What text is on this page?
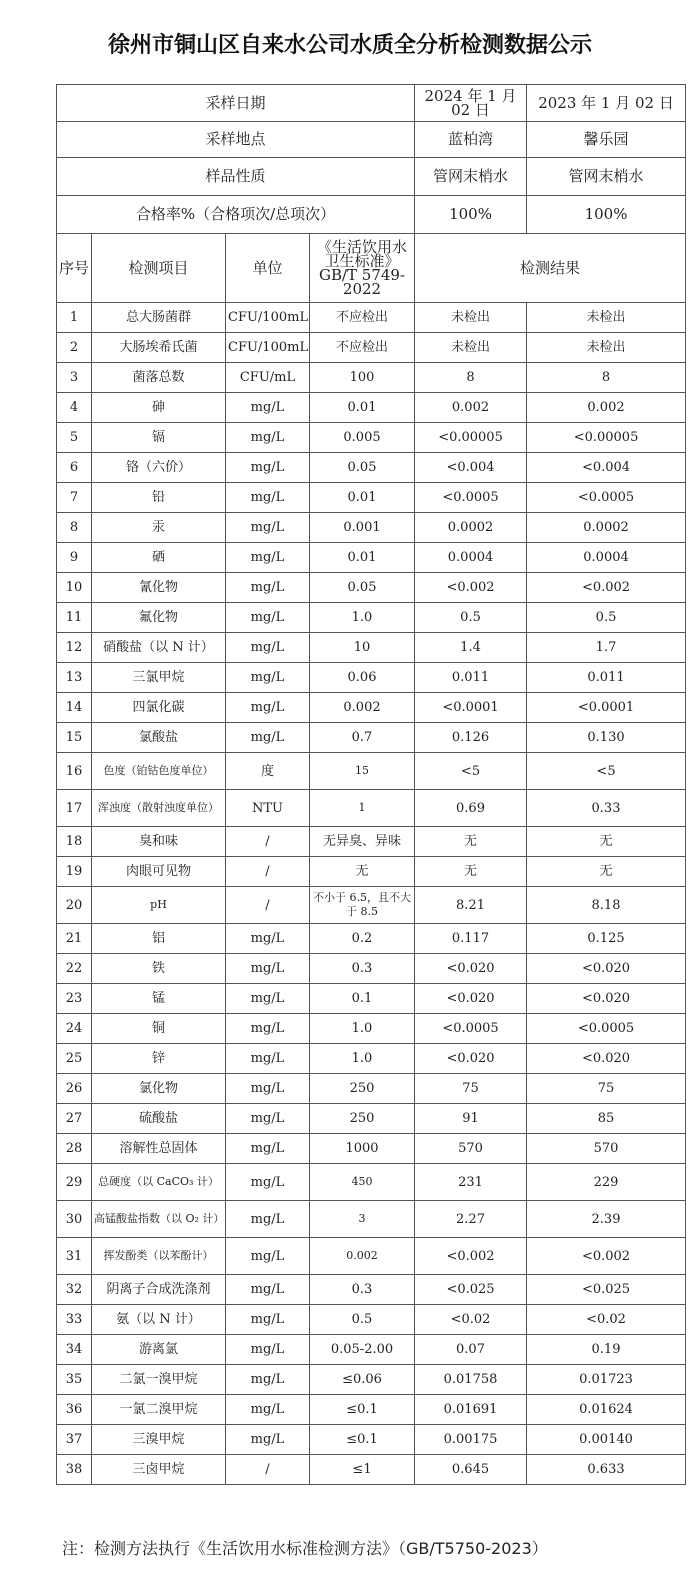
徐州市铜山区自来水公司水质全分析检测数据公示
采样日期				2024 年 1 月 02 日	2023 年 1 月 02 日
采样地点				蓝柏湾	馨乐园
样品性质				管网末梢水	管网末梢水
合格率%（合格项次/总项次）				100%	100%
序号	检测项目	单位	《生活饮用水卫生标准》GB/T 5749-2022	检测结果	
1	总大肠菌群	CFU/100mL	不应检出	未检出	未检出
2	大肠埃希氏菌	CFU/100mL	不应检出	未检出	未检出
3	菌落总数	CFU/mL	100	8	8
4	砷	mg/L	0.01	0.002	0.002
5	镉	mg/L	0.005	<0.00005	<0.00005
6	铬（六价）	mg/L	0.05	<0.004	<0.004
7	铅	mg/L	0.01	<0.0005	<0.0005
8	汞	mg/L	0.001	0.0002	0.0002
9	硒	mg/L	0.01	0.0004	0.0004
10	氰化物	mg/L	0.05	<0.002	<0.002
11	氟化物	mg/L	1.0	0.5	0.5
12	硝酸盐（以 N 计）	mg/L	10	1.4	1.7
13	三氯甲烷	mg/L	0.06	0.011	0.011
14	四氯化碳	mg/L	0.002	<0.0001	<0.0001
15	氯酸盐	mg/L	0.7	0.126	0.130
16	色度（铂钴色度单位）	度	15	<5	<5
17	浑浊度（散射浊度单位）	NTU	1	0.69	0.33
18	臭和味	/	无异臭、异味	无	无
19	肉眼可见物	/	无	无	无
20	pH	/	不小于 6.5，且不大于 8.5	8.21	8.18
21	铝	mg/L	0.2	0.117	0.125
22	铁	mg/L	0.3	<0.020	<0.020
23	锰	mg/L	0.1	<0.020	<0.020
24	铜	mg/L	1.0	<0.0005	<0.0005
25	锌	mg/L	1.0	<0.020	<0.020
26	氯化物	mg/L	250	75	75
27	硫酸盐	mg/L	250	91	85
28	溶解性总固体	mg/L	1000	570	570
29	总硬度（以 CaCO₃ 计）	mg/L	450	231	229
30	高锰酸盐指数（以 O₂ 计）	mg/L	3	2.27	2.39
31	挥发酚类（以苯酚计）	mg/L	0.002	<0.002	<0.002
32	阴离子合成洗涤剂	mg/L	0.3	<0.025	<0.025
33	氨（以 N 计）	mg/L	0.5	<0.02	<0.02
34	游离氯	mg/L	0.05-2.00	0.07	0.19
35	二氯一溴甲烷	mg/L	≤0.06	0.01758	0.01723
36	一氯二溴甲烷	mg/L	≤0.1	0.01691	0.01624
37	三溴甲烷	mg/L	≤0.1	0.00175	0.00140
38	三卤甲烷	/	≤1	0.645	0.633
注：检测方法执行《生活饮用水标准检测方法》（GB/T5750-2023）
